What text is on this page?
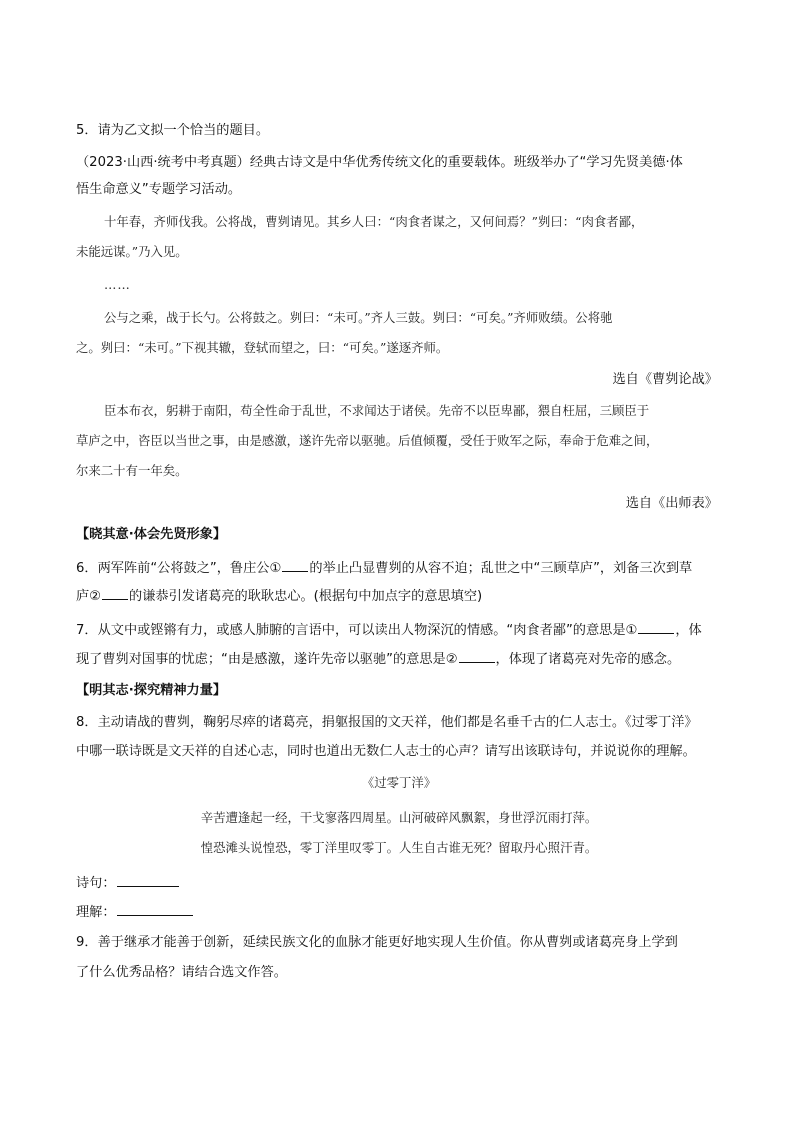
5．请为乙文拟一个恰当的题目。
（2023·山西·统考中考真题）经典古诗文是中华优秀传统文化的重要载体。班级举办了“学习先贤美德·体
悟生命意义”专题学习活动。
十年春，齐师伐我。公将战，曹刿请见。其乡人曰：“肉食者谋之，又何间焉？”刿曰：“肉食者鄙，
未能远谋。”乃入见。
……
公与之乘，战于长勺。公将鼓之。刿曰：“未可。”齐人三鼓。刿曰：“可矣。”齐师败绩。公将驰
之。刿曰：“未可。”下视其辙，登轼而望之，曰：“可矣。”遂逐齐师。
选自《曹刿论战》
臣本布衣，躬耕于南阳，苟全性命于乱世，不求闻达于诸侯。先帝不以臣卑鄙，猥自枉屈，三顾臣于
草庐之中，咨臣以当世之事，由是感激，遂许先帝以驱驰。后值倾覆，受任于败军之际，奉命于危难之间，
尔来二十有一年矣。
选自《出师表》
【晓其意·体会先贤形象】
6．两军阵前“公将鼓之”，鲁庄公① 的举止凸显曹刿的从容不迫；乱世之中“三顾草庐”，刘备三次到草
庐② 的谦恭引发诸葛亮的耿耿忠心。(根据句中加点字的意思填空)
7．从文中或铿锵有力，或感人肺腑的言语中，可以读出人物深沉的情感。“肉食者鄙”的意思是①	，体
现了曹刿对国事的忧虑；“由是感激，遂许先帝以驱驰”的意思是②	，体现了诸葛亮对先帝的感念。
【明其志·探究精神力量】
8．主动请战的曹刿，鞠躬尽瘁的诸葛亮，捐躯报国的文天祥，他们都是名垂千古的仁人志士。《过零丁洋》
中哪一联诗既是文天祥的自述心志，同时也道出无数仁人志士的心声？请写出该联诗句，并说说你的理解。
《过零丁洋》
辛苦遭逢起一经，干戈寥落四周星。山河破碎风飘絮，身世浮沉雨打萍。
惶恐滩头说惶恐，零丁洋里叹零丁。人生自古谁无死？留取丹心照汗青。
诗句：
理解：
9．善于继承才能善于创新，延续民族文化的血脉才能更好地实现人生价值。你从曹刿或诸葛亮身上学到
了什么优秀品格？请结合选文作答。
